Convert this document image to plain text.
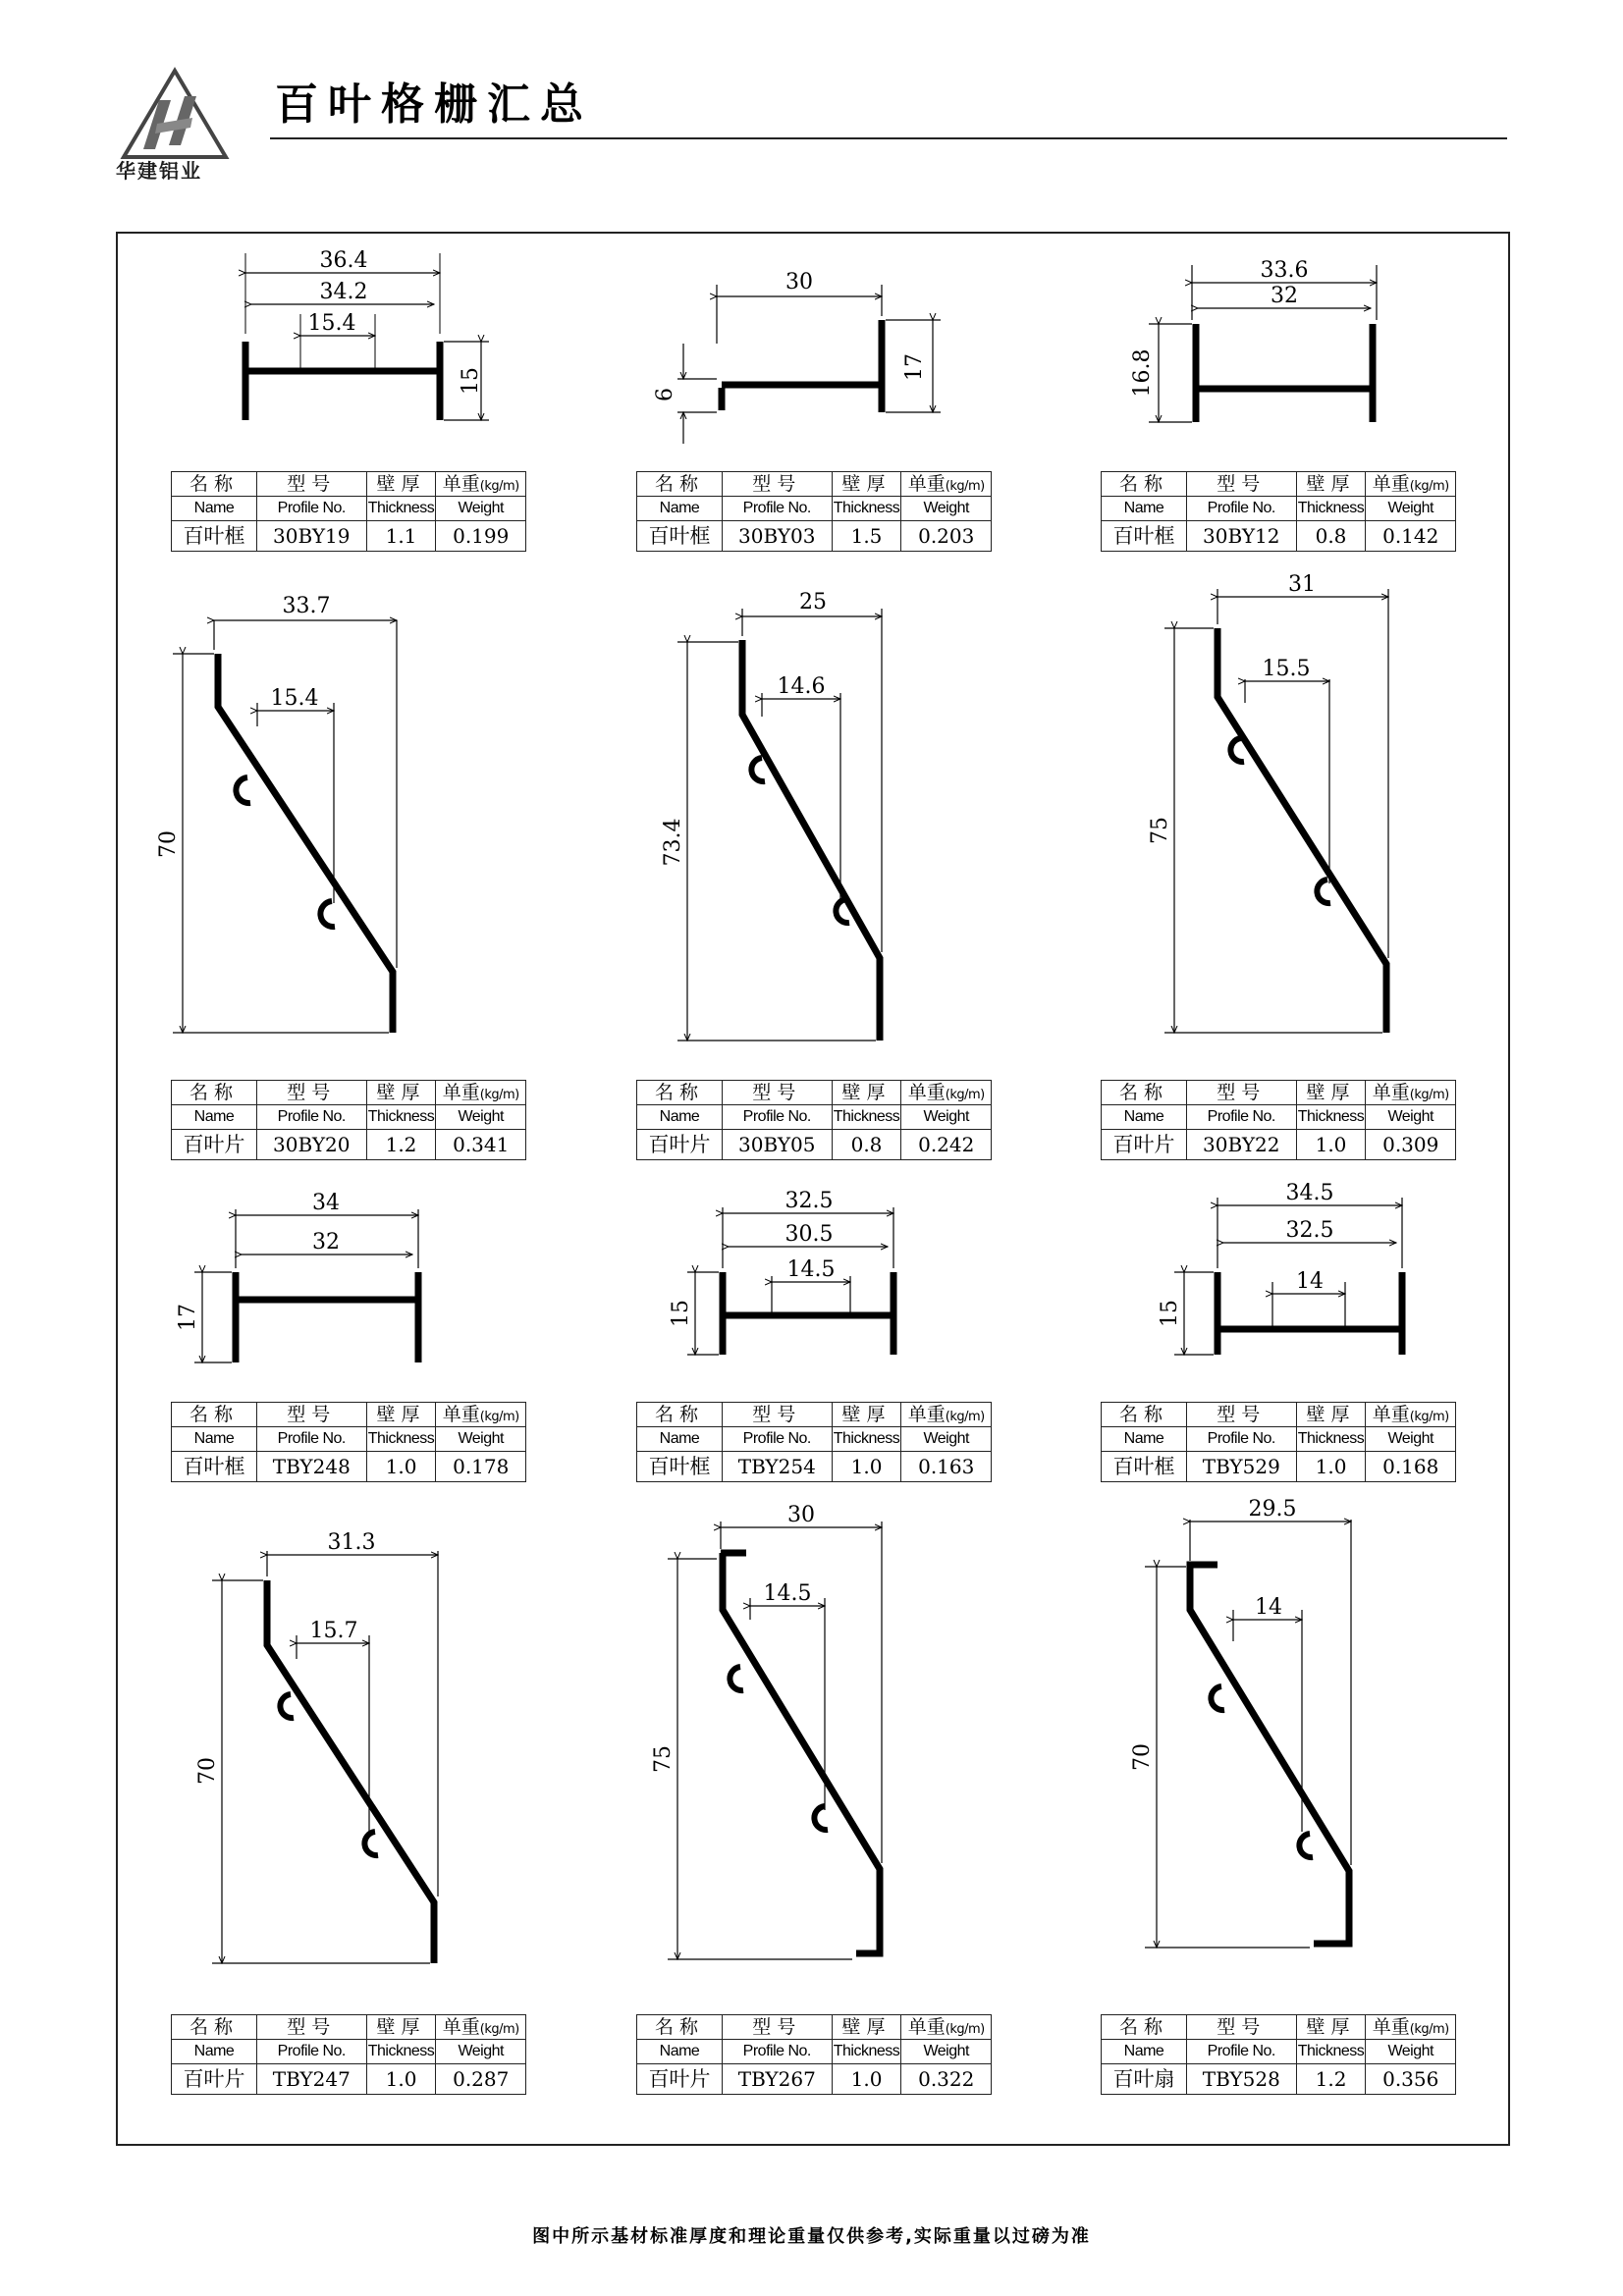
华建铝业
百叶格栅汇总
36.4
34.2
15.4
15
30
17
6
33.6
32
16.8
33.7
15.4
70
25
14.6
73.4
31
15.5
75
34
32
17
32.5
30.5
14.5
15
34.5
32.5
14
15
31.3
15.7
70
30
14.5
75
29.5
14
70
名称	型号	壁厚	单重(kg/m)
Name	Profile No.	Thickness	Weight
百叶框	30BY19	1.1	0.199
名称	型号	壁厚	单重(kg/m)
Name	Profile No.	Thickness	Weight
百叶框	30BY03	1.5	0.203
名称	型号	壁厚	单重(kg/m)
Name	Profile No.	Thickness	Weight
百叶框	30BY12	0.8	0.142
名称	型号	壁厚	单重(kg/m)
Name	Profile No.	Thickness	Weight
百叶片	30BY20	1.2	0.341
名称	型号	壁厚	单重(kg/m)
Name	Profile No.	Thickness	Weight
百叶片	30BY05	0.8	0.242
名称	型号	壁厚	单重(kg/m)
Name	Profile No.	Thickness	Weight
百叶片	30BY22	1.0	0.309
名称	型号	壁厚	单重(kg/m)
Name	Profile No.	Thickness	Weight
百叶框	TBY248	1.0	0.178
名称	型号	壁厚	单重(kg/m)
Name	Profile No.	Thickness	Weight
百叶框	TBY254	1.0	0.163
名称	型号	壁厚	单重(kg/m)
Name	Profile No.	Thickness	Weight
百叶框	TBY529	1.0	0.168
名称	型号	壁厚	单重(kg/m)
Name	Profile No.	Thickness	Weight
百叶片	TBY247	1.0	0.287
名称	型号	壁厚	单重(kg/m)
Name	Profile No.	Thickness	Weight
百叶片	TBY267	1.0	0.322
名称	型号	壁厚	单重(kg/m)
Name	Profile No.	Thickness	Weight
百叶扇	TBY528	1.2	0.356
图中所示基材标准厚度和理论重量仅供参考,实际重量以过磅为准
